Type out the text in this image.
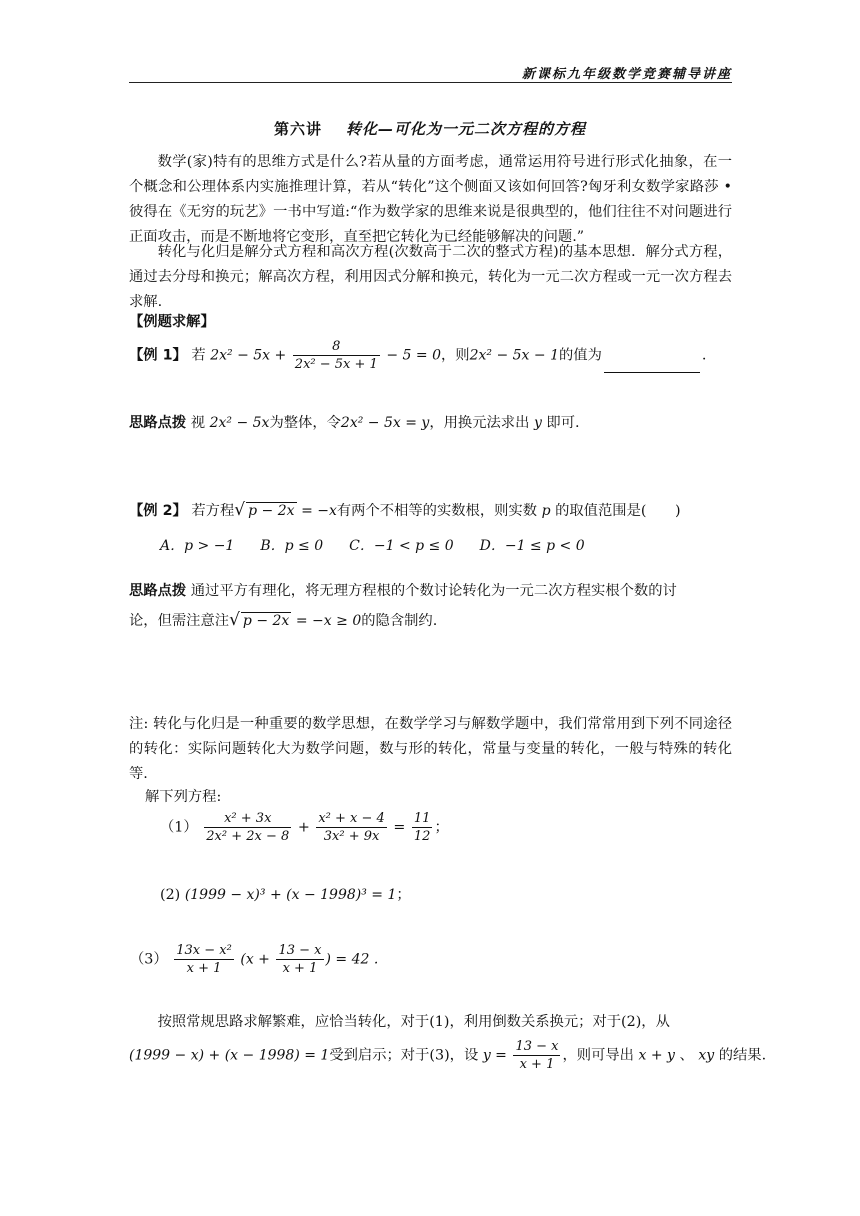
新课标九年级数学竞赛辅导讲座
第六讲 转化—可化为一元二次方程的方程
数学(家)特有的思维方式是什么?若从量的方面考虑，通常运用符号进行形式化抽象，在一个概念和公理体系内实施推理计算，若从“转化”这个侧面又该如何回答?匈牙利女数学家路莎 • 彼得在《无穷的玩艺》一书中写道:“作为数学家的思维来说是很典型的，他们往往不对问题进行正面攻击，而是不断地将它变形，直至把它转化为已经能够解决的问题.”
转化与化归是解分式方程和高次方程(次数高于二次的整式方程)的基本思想．解分式方程，通过去分母和换元；解高次方程，利用因式分解和换元，转化为一元二次方程或一元一次方程去求解.
【例题求解】
【例 1】 若 $2x^2 - 5x + \frac{8}{\text{2x² − 5x + 1}} - 5 = 0$，则2x² − 5x − 1的值为	.
思路点拨 视 2x² − 5x为整体，令2x² − 5x = y，用换元法求出 y 即可.
【例 2】 若方程√ p − 2x = −x有两个不相等的实数根，则实数 p 的取值范围是(　　)
A．p > −1 B．p ≤ 0 C．−1 < p ≤ 0 D．−1 ≤ p < 0
思路点拨 通过平方有理化，将无理方程根的个数讨论转化为一元二次方程实根个数的讨
论，但需注意注√ p − 2x = −x ≥ 0的隐含制约.
注: 转化与化归是一种重要的数学思想，在数学学习与解数学题中，我们常常用到下列不同途径的转化：实际问题转化大为数学问题，数与形的转化，常量与变量的转化，一般与特殊的转化等.
解下列方程:
$(1) \frac{\text{x² + 3x}}{\text{2x² + 2x − 8}} + \frac{\text{x² + x − 4}}{\text{3x² + 9x}} = \frac{11}{12}$ ；
(2) (1999 − x)³ + (x − 1998)³ = 1；
$(3) \frac{\text{13x − x²}}{x + 1} (x + \frac{13 - x}{x + 1}$ ) = 42 .
按照常规思路求解繁难，应恰当转化，对于(1)，利用倒数关系换元；对于(2)，从
(1999 − x) + (x − 1998) = 1受到启示；对于(3)，设 $y = \frac{13 - x}{x + 1}$ ，则可导出 x + y 、 xy 的结果.
